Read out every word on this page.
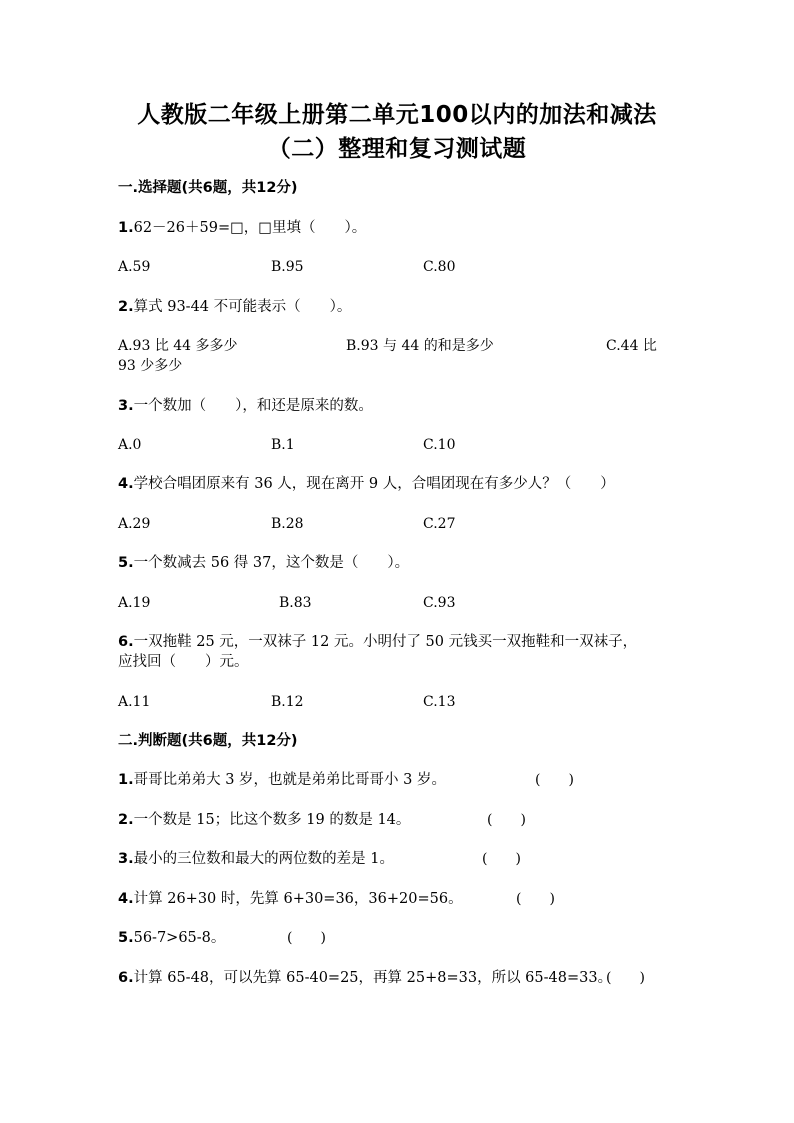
人教版二年级上册第二单元100以内的加法和减法
（二）整理和复习测试题
一.选择题(共6题，共12分)
1.62－26＋59=□，□里填（　　）。
A.59	B.95	C.80
2.算式 93-44 不可能表示（　　）。
A.93 比 44 多多少	B.93 与 44 的和是多少	C.44 比
93 少多少
3.一个数加（　　），和还是原来的数。
A.0	B.1	C.10
4.学校合唱团原来有 36 人，现在离开 9 人，合唱团现在有多少人？（　　）
A.29	B.28	C.27
5.一个数减去 56 得 37，这个数是（　　）。
A.19	B.83	C.93
6.一双拖鞋 25 元，一双袜子 12 元。小明付了 50 元钱买一双拖鞋和一双袜子，
应找回（　　）元。
A.11	B.12	C.13
二.判断题(共6题，共12分)
1.哥哥比弟弟大 3 岁，也就是弟弟比哥哥小 3 岁。	(　　)
2.一个数是 15；比这个数多 19 的数是 14。	(　　)
3.最小的三位数和最大的两位数的差是 1。	(　　)
4.计算 26+30 时，先算 6+30=36，36+20=56。	(　　)
5.56-7>65-8。	(　　)
6.计算 65-48，可以先算 65-40=25，再算 25+8=33，所以 65-48=33。
(　　)
